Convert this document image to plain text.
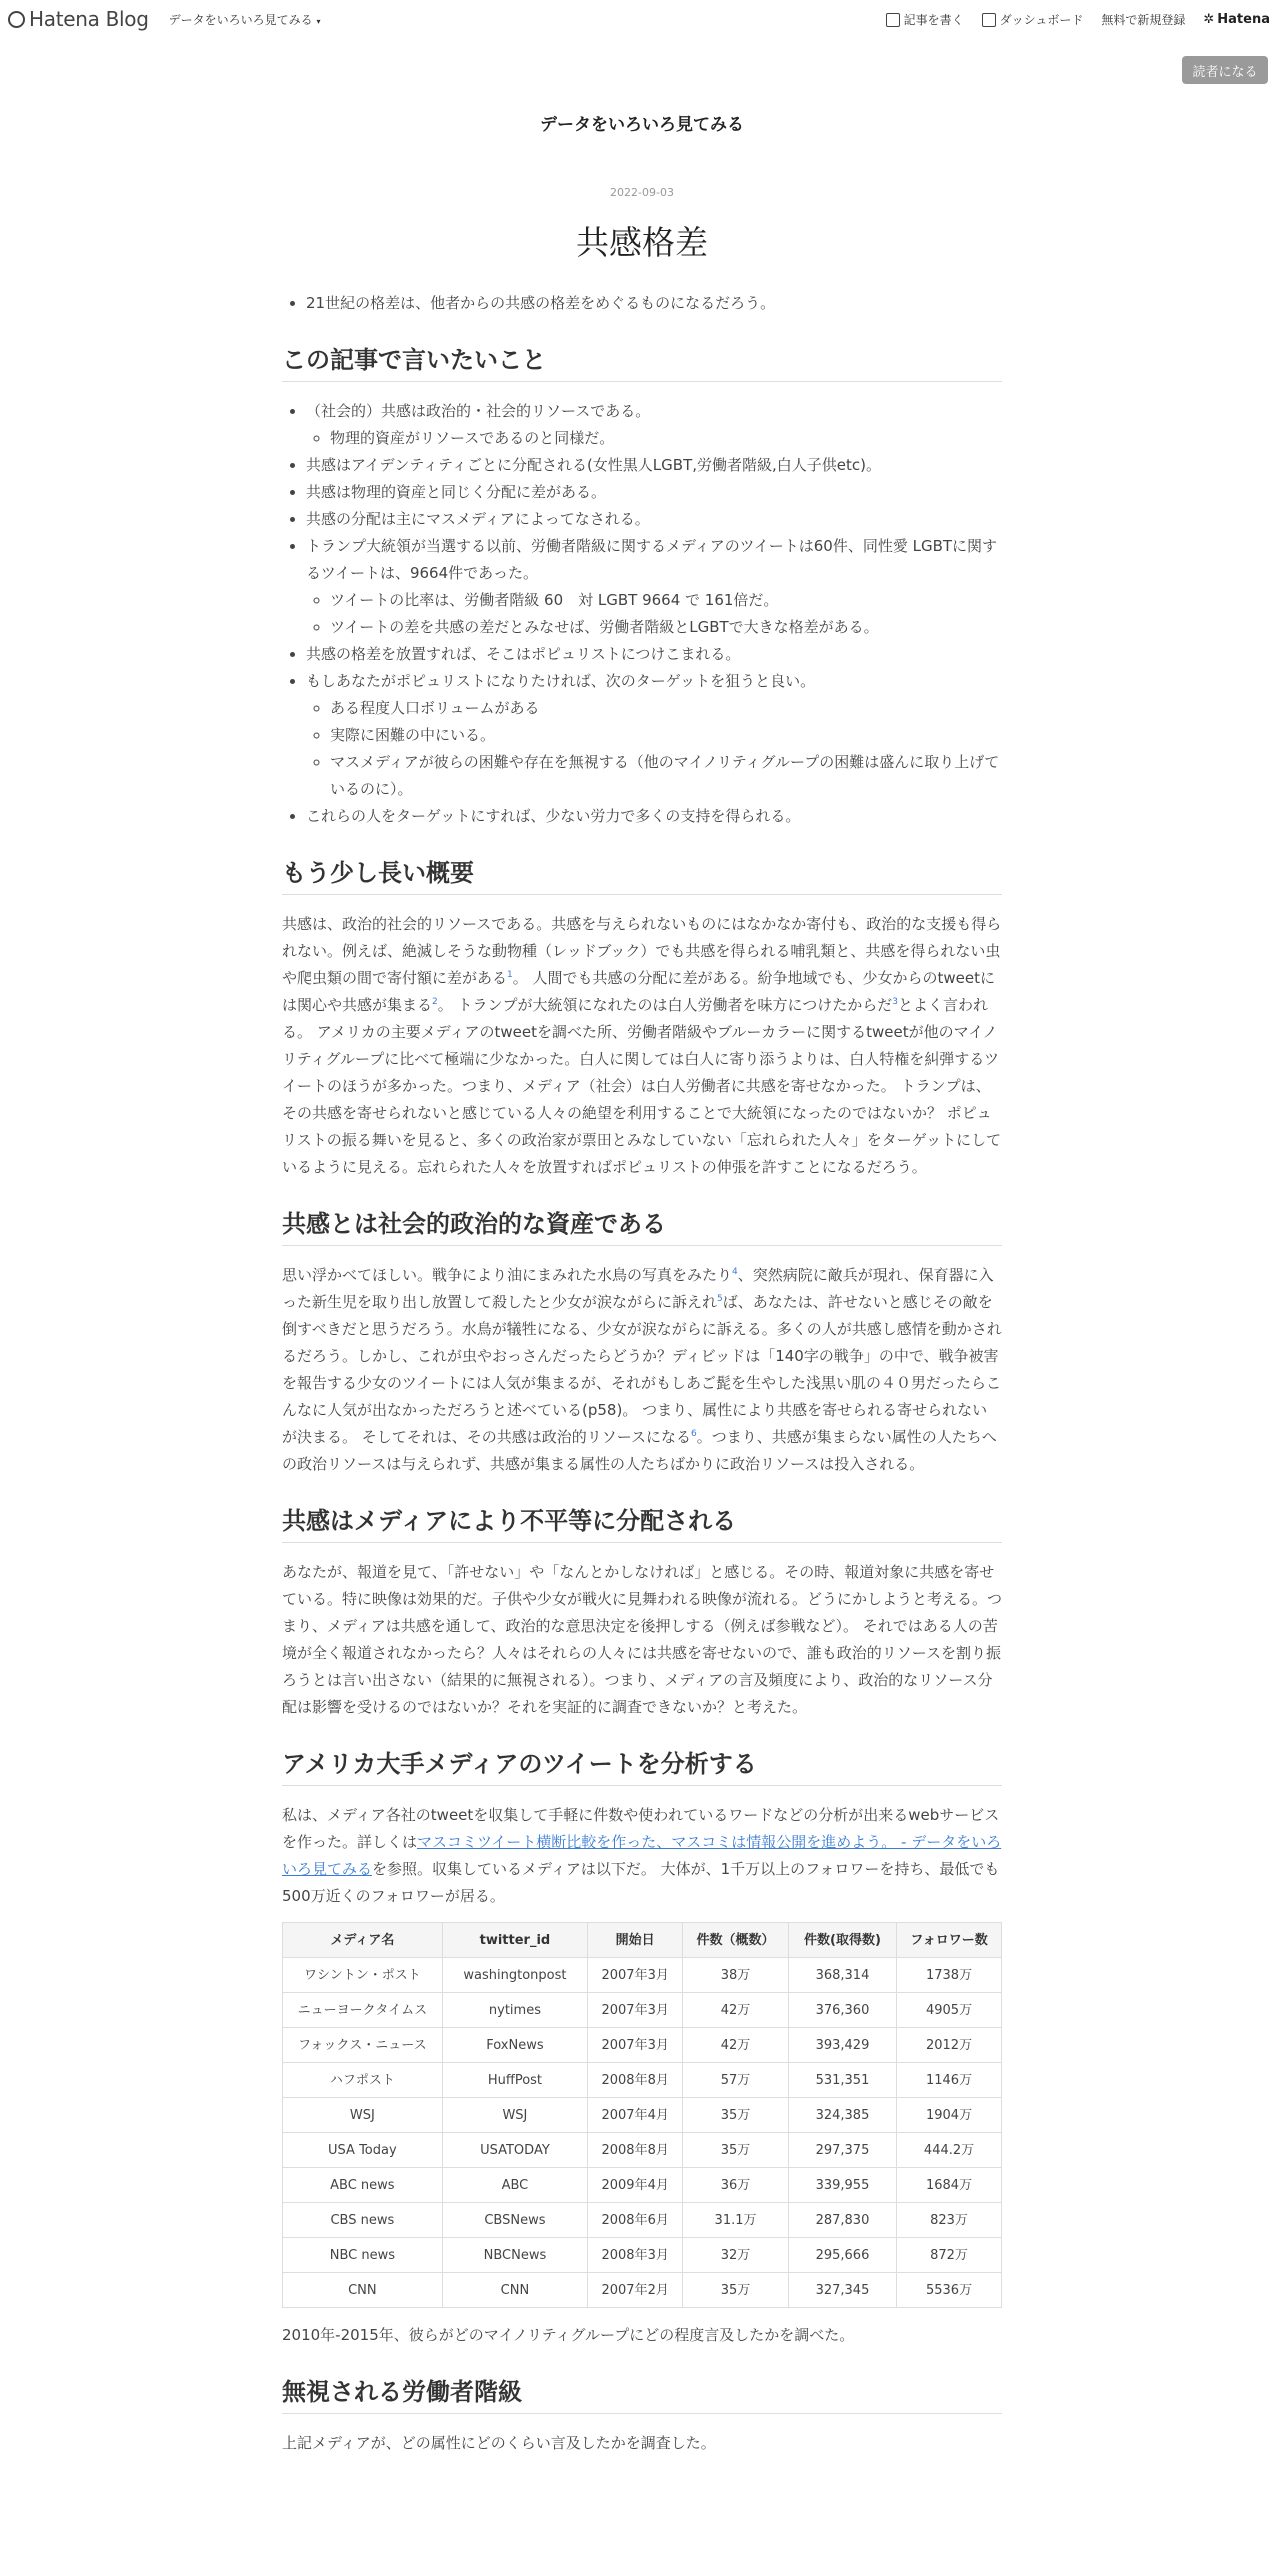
Hatena Blog データをいろいろ見てみる ▾	記事を書く	ダッシュボード 無料で新規登録 ✲ Hatena
読者になる
データをいろいろ見てみる
2022-09-03
共感格差
• 21世紀の格差は、他者からの共感の格差をめぐるものになるだろう。
この記事で言いたいこと
• （社会的）共感は政治的・社会的リソースである。
◦ 物理的資産がリソースであるのと同様だ。
• 共感はアイデンティティごとに分配される(女性黒人LGBT,労働者階級,白人子供etc)。
• 共感は物理的資産と同じく分配に差がある。
• 共感の分配は主にマスメディアによってなされる。
• トランプ大統領が当選する以前、労働者階級に関するメディアのツイートは60件、同性愛 LGBTに関するツイートは、9664件であった。
◦ ツイートの比率は、労働者階級 60　対 LGBT 9664 で 161倍だ。
◦ ツイートの差を共感の差だとみなせば、労働者階級とLGBTで大きな格差がある。
• 共感の格差を放置すれば、そこはポピュリストにつけこまれる。
• もしあなたがポピュリストになりたければ、次のターゲットを狙うと良い。
◦ ある程度人口ボリュームがある
◦ 実際に困難の中にいる。
◦ マスメディアが彼らの困難や存在を無視する（他のマイノリティグループの困難は盛んに取り上げているのに）。
• これらの人をターゲットにすれば、少ない労力で多くの支持を得られる。
もう少し長い概要

共感は、政治的社会的リソースである。共感を与えられないものにはなかなか寄付も、政治的な支援も得られない。例えば、絶滅しそうな動物種（レッドブック）でも共感を得られる哺乳類と、共感を得られない虫や爬虫類の間で寄付額に差がある$^1$。 人間でも共感の分配に差がある。紛争地域でも、少女からのtweetには関心や共感が集まる$^2$。 トランプが大統領になれたのは白人労働者を味方につけたからだ$^3$とよく言われる。 アメリカの主要メディアのtweetを調べた所、労働者階級やブルーカラーに関するtweetが他のマイノリティグループに比べて極端に少なかった。白人に関しては白人に寄り添うよりは、白人特権を糾弾するツイートのほうが多かった。つまり、メディア（社会）は白人労働者に共感を寄せなかった。 トランプは、その共感を寄せられないと感じている人々の絶望を利用することで大統領になったのではないか？ ポピュリストの振る舞いを見ると、多くの政治家が票田とみなしていない「忘れられた人々」をターゲットにしているように見える。忘れられた人々を放置すればポピュリストの伸張を許すことになるだろう。

共感とは社会的政治的な資産である

思い浮かべてほしい。戦争により油にまみれた水鳥の写真をみたり$^4$、突然病院に敵兵が現れ、保育器に入った新生児を取り出し放置して殺したと少女が涙ながらに訴えれ$^5$ば、あなたは、許せないと感じその敵を倒すべきだと思うだろう。水鳥が犠牲になる、少女が涙ながらに訴える。多くの人が共感し感情を動かされるだろう。しかし、これが虫やおっさんだったらどうか？ディビッドは「140字の戦争」の中で、戦争被害を報告する少女のツイートには人気が集まるが、それがもしあご髭を生やした浅黒い肌の４０男だったらこんなに人気が出なかっただろうと述べている(p58)。 つまり、属性により共感を寄せられる寄せられないが決まる。 そしてそれは、その共感は政治的リソースになる$^6$。つまり、共感が集まらない属性の人たちへの政治リソースは与えられず、共感が集まる属性の人たちばかりに政治リソースは投入される。

共感はメディアにより不平等に分配される

あなたが、報道を見て、「許せない」や「なんとかしなければ」と感じる。その時、報道対象に共感を寄せている。特に映像は効果的だ。子供や少女が戦火に見舞われる映像が流れる。どうにかしようと考える。つまり、メディアは共感を通して、政治的な意思決定を後押しする（例えば参戦など）。 それではある人の苦境が全く報道されなかったら？人々はそれらの人々には共感を寄せないので、誰も政治的リソースを割り振ろうとは言い出さない（結果的に無視される）。つまり、メディアの言及頻度により、政治的なリソース分配は影響を受けるのではないか？それを実証的に調査できないか？と考えた。

アメリカ大手メディアのツイートを分析する

私は、メディア各社のtweetを収集して手軽に件数や使われているワードなどの分析が出来るwebサービスを作った。詳しくはマスコミツイート横断比較を作った、マスコミは情報公開を進めよう。 - データをいろいろ見てみるを参照。収集しているメディアは以下だ。 大体が、1千万以上のフォロワーを持ち、最低でも500万近くのフォロワーが居る。

メディア名	twitter_id	開始日	件数（概数）	件数(取得数)	フォロワー数
ワシントン・ポスト	washingtonpost	2007年3月	38万	368,314	1738万
ニューヨークタイムス	nytimes	2007年3月	42万	376,360	4905万
フォックス・ニュース	FoxNews	2007年3月	42万	393,429	2012万
ハフポスト	HuffPost	2008年8月	57万	531,351	1146万
WSJ	WSJ	2007年4月	35万	324,385	1904万
USA Today	USATODAY	2008年8月	35万	297,375	444.2万
ABC news	ABC	2009年4月	36万	339,955	1684万
CBS news	CBSNews	2008年6月	31.1万	287,830	823万
NBC news	NBCNews	2008年3月	32万	295,666	872万
CNN	CNN	2007年2月	35万	327,345	5536万

2010年-2015年、彼らがどのマイノリティグループにどの程度言及したかを調べた。

無視される労働者階級

上記メディアが、どの属性にどのくらい言及したかを調査した。
